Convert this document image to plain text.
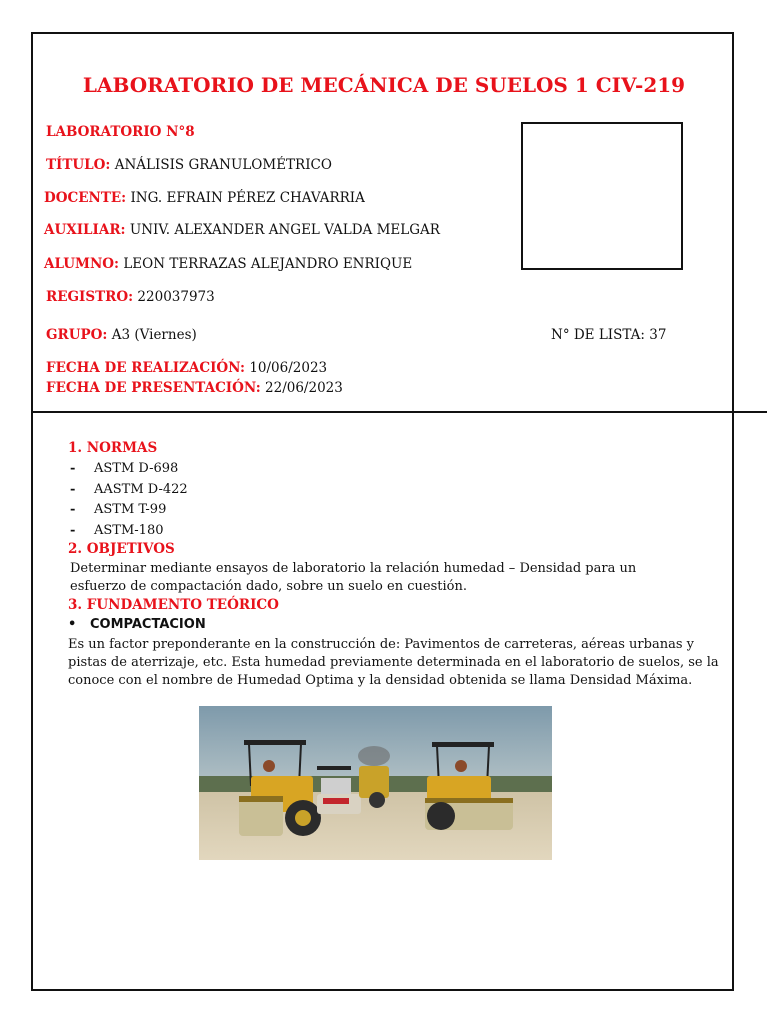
LABORATORIO DE MECÁNICA DE SUELOS 1 CIV-219
LABORATORIO N°8
TÍTULO: ANÁLISIS GRANULOMÉTRICO
DOCENTE: ING. EFRAIN PÉREZ CHAVARRIA
AUXILIAR: UNIV. ALEXANDER ANGEL VALDA MELGAR
ALUMNO: LEON TERRAZAS ALEJANDRO ENRIQUE
REGISTRO: 220037973
GRUPO: A3 (Viernes)	N° DE LISTA: 37
FECHA DE REALIZACIÓN: 10/06/2023
FECHA DE PRESENTACIÓN: 22/06/2023
1. NORMAS
- ASTM D-698
- AASTM D-422
- ASTM T-99
- ASTM-180
2. OBJETIVOS
Determinar mediante ensayos de laboratorio la relación humedad – Densidad para un
esfuerzo de compactación dado, sobre un suelo en cuestión.
3. FUNDAMENTO TEÓRICO
• COMPACTACION
Es un factor preponderante en la construcción de: Pavimentos de carreteras, aéreas urbanas y
pistas de aterrizaje, etc. Esta humedad previamente determinada en el laboratorio de suelos, se la
conoce con el nombre de Humedad Optima y la densidad obtenida se llama Densidad Máxima.
